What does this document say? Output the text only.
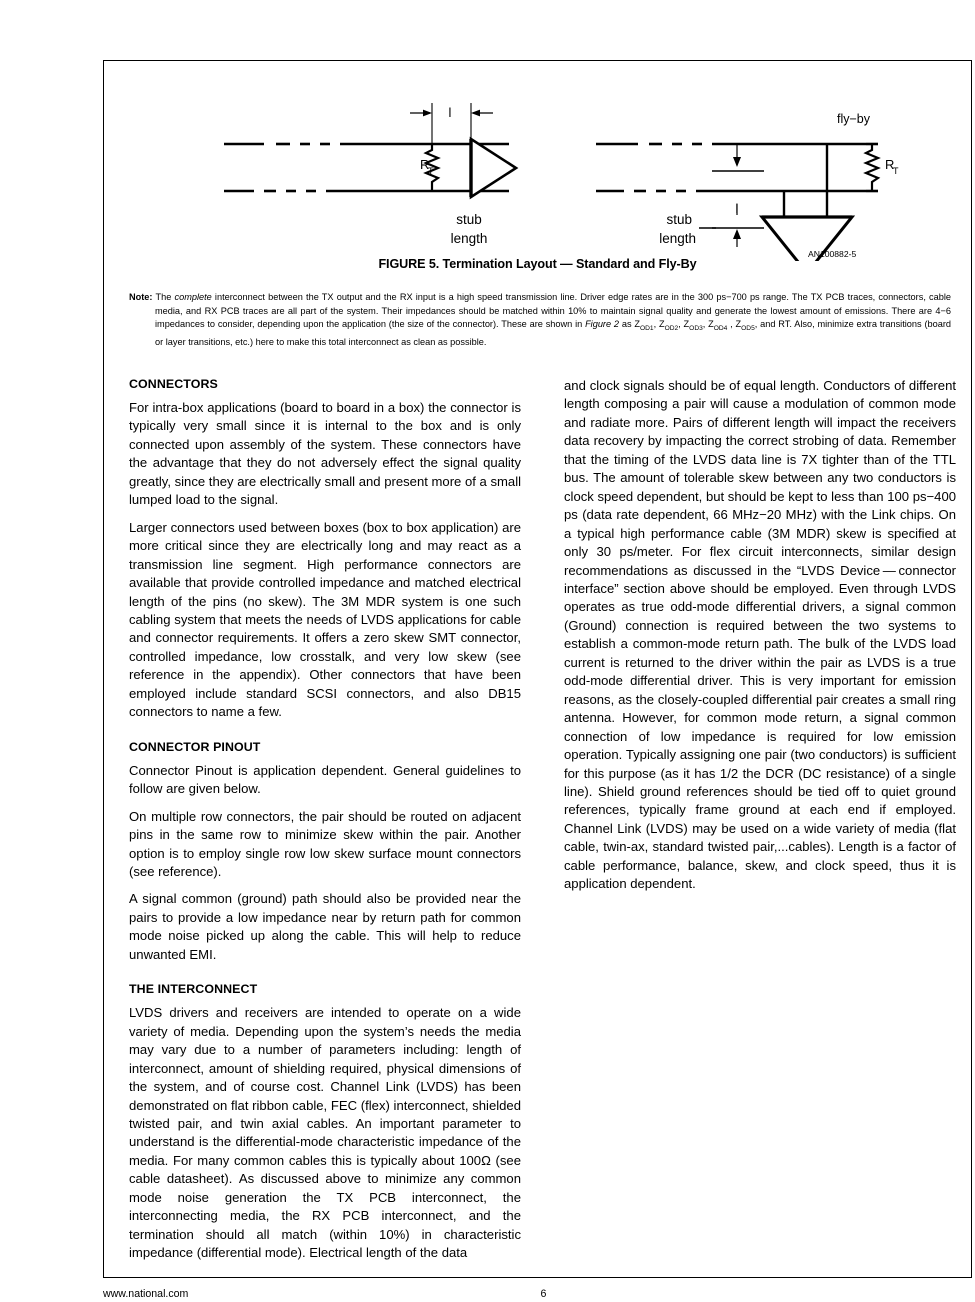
R
T
l
stub
length
R
T
fly−by
l
stub
length
AN100882-5
FIGURE 5. Termination Layout — Standard and Fly-By

Note: The complete interconnect between the TX output and the RX input is a high speed transmission line. Driver edge rates are in the 300 ps−700 ps range. The TX PCB traces, connectors, cable media, and RX PCB traces are all part of the system. Their impedances should be matched within 10% to maintain signal quality and generate the lowest amount of emissions. There are 4−6 impedances to consider, depending upon the application (the size of the connector). These are shown in Figure 2 as $Z_{OD1}$, $Z_{OD2}$, $Z_{OD3}$, $Z_{OD4}$ , $Z_{OD5}$, and RT. Also, minimize extra transitions (board or layer transitions, etc.) here to make this total interconnect as clean as possible.

CONNECTORS

For intra-box applications (board to board in a box) the connector is typically very small since it is internal to the box and is only connected upon assembly of the system. These connectors have the advantage that they do not adversely effect the signal quality greatly, since they are electrically small and present more of a small lumped load to the signal.

Larger connectors used between boxes (box to box application) are more critical since they are electrically long and may react as a transmission line segment. High performance connectors are available that provide controlled impedance and matched electrical length of the pins (no skew). The 3M MDR system is one such cabling system that meets the needs of LVDS applications for cable and connector requirements. It offers a zero skew SMT connector, controlled impedance, low crosstalk, and very low skew (see reference in the appendix). Other connectors that have been employed include standard SCSI connectors, and also DB15 connectors to name a few.

CONNECTOR PINOUT

Connector Pinout is application dependent. General guidelines to follow are given below.

On multiple row connectors, the pair should be routed on adjacent pins in the same row to minimize skew within the pair. Another option is to employ single row low skew surface mount connectors (see reference).

A signal common (ground) path should also be provided near the pairs to provide a low impedance near by return path for common mode noise picked up along the cable. This will help to reduce unwanted EMI.

THE INTERCONNECT

LVDS drivers and receivers are intended to operate on a wide variety of media. Depending upon the system’s needs the media may vary due to a number of parameters including: length of interconnect, amount of shielding required, physical dimensions of the system, and of course cost. Channel Link (LVDS) has been demonstrated on flat ribbon cable, FEC (flex) interconnect, shielded twisted pair, and twin axial cables. An important parameter to understand is the differential-mode characteristic impedance of the media. For many common cables this is typically about 100Ω (see cable datasheet). As discussed above to minimize any common mode noise generation the TX PCB interconnect, the interconnecting media, the RX PCB interconnect, and the termination should all match (within 10%) in characteristic impedance (differential mode). Electrical length of the data

and clock signals should be of equal length. Conductors of different length composing a pair will cause a modulation of common mode and radiate more. Pairs of different length will impact the receivers data recovery by impacting the correct strobing of data. Remember that the timing of the LVDS data line is 7X tighter than of the TTL bus. The amount of tolerable skew between any two conductors is clock speed dependent, but should be kept to less than 100 ps−400 ps (data rate dependent, 66 MHz−20 MHz) with the Link chips. On a typical high performance cable (3M MDR) skew is specified at only 30 ps/meter. For flex circuit interconnects, similar design recommendations as discussed in the “LVDS Device — connector interface” section above should be employed. Even through LVDS operates as true odd-mode differential drivers, a signal common (Ground) connection is required between the two systems to establish a common-mode return path. The bulk of the LVDS load current is returned to the driver within the pair as LVDS is a true odd-mode differential driver. This is very important for emission reasons, as the closely-coupled differential pair creates a small ring antenna. However, for common mode return, a signal common connection of low impedance is required for low emission operation. Typically assigning one pair (two conductors) is sufficient for this purpose (as it has 1/2 the DCR (DC resistance) of a single line). Shield ground references should be tied off to quiet ground references, typically frame ground at each end if employed. Channel Link (LVDS) may be used on a wide variety of media (flat cable, twin-ax, standard twisted pair,...cables). Length is a factor of cable performance, balance, skew, and clock speed, thus it is application dependent.

www.national.com	6
